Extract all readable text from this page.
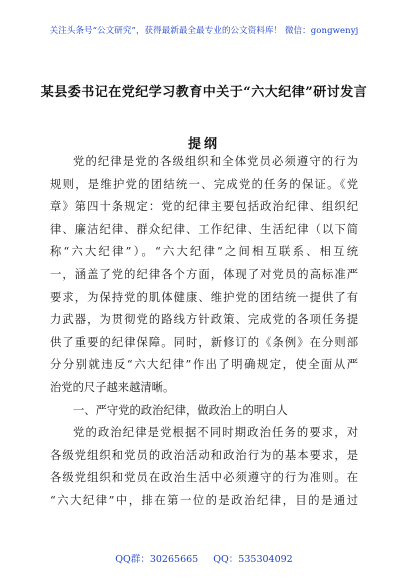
关注头条号“公文研究”，获得最新最全最专业的公文资料库！ 微信：gongwenyj
某县委书记在党纪学习教育中关于“六大纪律”研讨发言
提纲
党的纪律是党的各级组织和全体党员必须遵守的行为
规则，是维护党的团结统一、完成党的任务的保证。《党
章》第四十条规定：党的纪律主要包括政治纪律、组织纪
律、廉洁纪律、群众纪律、工作纪律、生活纪律（以下简
称“六大纪律”）。“六大纪律”之间相互联系、相互统
一，涵盖了党的纪律各个方面，体现了对党员的高标准严
要求，为保持党的肌体健康、维护党的团结统一提供了有
力武器，为贯彻党的路线方针政策、完成党的各项任务提
供了重要的纪律保障。同时，新修订的《条例》在分则部
分分别就违反“六大纪律”作出了明确规定，使全面从严
治党的尺子越来越清晰。
一、严守党的政治纪律，做政治上的明白人
党的政治纪律是党根据不同时期政治任务的要求，对
各级党组织和党员的政治活动和政治行为的基本要求，是
各级党组织和党员在政治生活中必须遵守的行为准则。在
“六大纪律”中，排在第一位的是政治纪律，目的是通过
QQ群：30265665 QQ：535304092
